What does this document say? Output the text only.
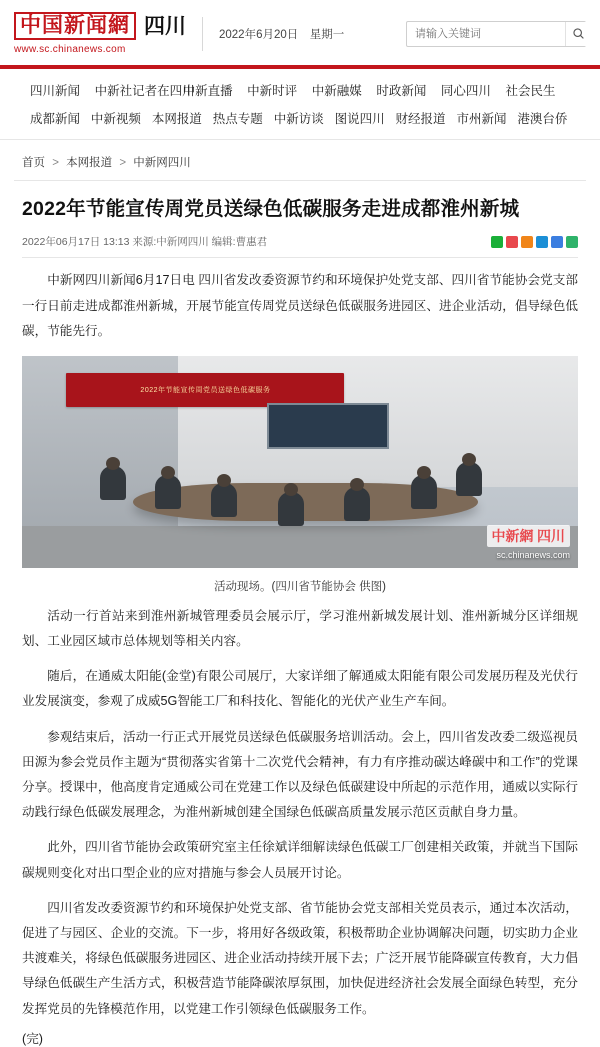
中国新闻網 四川
www.sc.chinanews.com
2022年6月20日　星期一
请输入关键词
四川新闻	中新社记者在四川
中新直播	中新时评	中新融媒	时政新闻	同心四川	社会民生
成都新闻 中新视频 本网报道 热点专题 中新访谈 图说四川 财经报道 市州新闻 港澳台侨
首页 > 本网报道 > 中新网四川
2022年节能宣传周党员送绿色低碳服务走进成都淮州新城
2022年06月17日 13:13 来源:中新网四川 编辑:曹惠君

中新网四川新闻6月17日电 四川省发改委资源节约和环境保护处党支部、四川省节能协会党支部一行日前走进成都淮州新城，开展节能宣传周党员送绿色低碳服务进园区、进企业活动，倡导绿色低碳，节能先行。

2022年节能宣传周党员送绿色低碳服务
中新網 四川
sc.chinanews.com
活动现场。(四川省节能协会 供图)

活动一行首站来到淮州新城管理委员会展示厅，学习淮州新城发展计划、淮州新城分区详细规划、工业园区域市总体规划等相关内容。

随后，在通威太阳能(金堂)有限公司展厅，大家详细了解通威太阳能有限公司发展历程及光伏行业发展演变，参观了成威5G智能工厂和科技化、智能化的光伏产业生产车间。

参观结束后，活动一行正式开展党员送绿色低碳服务培训活动。会上，四川省发改委二级巡视员田源为参会党员作主题为“贯彻落实省第十二次党代会精神，有力有序推动碳达峰碳中和工作”的党课分享。授课中，他高度肯定通威公司在党建工作以及绿色低碳建设中所起的示范作用，通威以实际行动践行绿色低碳发展理念，为淮州新城创建全国绿色低碳高质量发展示范区贡献自身力量。

此外，四川省节能协会政策研究室主任徐斌详细解读绿色低碳工厂创建相关政策，并就当下国际碳规则变化对出口型企业的应对措施与参会人员展开讨论。

四川省发改委资源节约和环境保护处党支部、省节能协会党支部相关党员表示，通过本次活动，促进了与园区、企业的交流。下一步，将用好各级政策，积极帮助企业协调解决问题，切实助力企业共渡难关，将绿色低碳服务进园区、进企业活动持续开展下去；广泛开展节能降碳宣传教育，大力倡导绿色低碳生产生活方式，积极营造节能降碳浓厚氛围，加快促进经济社会发展全面绿色转型，充分发挥党员的先锋模范作用，以党建工作引领绿色低碳服务工作。

(完)
